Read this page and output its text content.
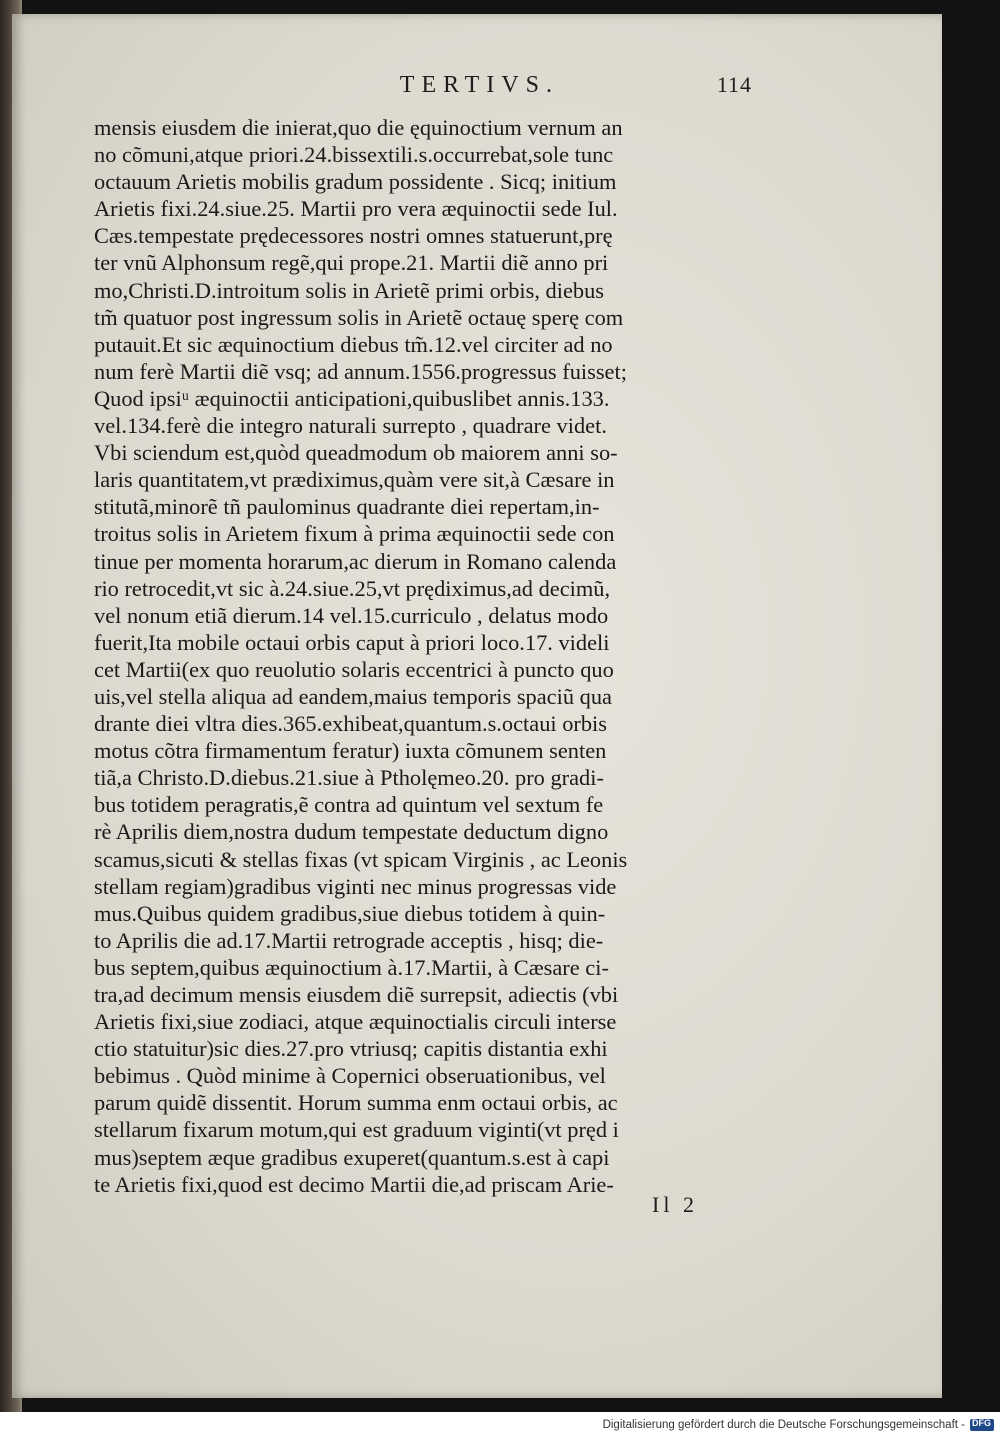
TERTIVS.	114
mensis eiusdem die inierat,quo die ęquinoctium vernum an
no cõmuni,atque priori.24.bissextili.s.occurrebat,sole tunc
octauum Arietis mobilis gradum possidente . Sicq; initium
Arietis fixi.24.siue.25. Martii pro vera æquinoctii sede Iul.
Cæs.tempestate prędecessores nostri omnes statuerunt,prę
ter vnũ Alphonsum regẽ,qui prope.21. Martii diẽ anno pri
mo,Christi.D.introitum solis in Arietẽ primi orbis, diebus
tm̃ quatuor post ingressum solis in Arietẽ octauę sperę com
putauit.Et sic æquinoctium diebus tm̃.12.vel circiter ad no
num ferè Martii diẽ vsq; ad annum.1556.progressus fuisset;
Quod ipsiᵘ æquinoctii anticipationi,quibuslibet annis.133.
vel.134.ferè die integro naturali surrepto , quadrare videt.
Vbi sciendum est,quòd queadmodum ob maiorem anni so-
laris quantitatem,vt prædiximus,quàm vere sit,à Cæsare in
stitutã,minorẽ tñ paulominus quadrante diei repertam,in-
troitus solis in Arietem fixum à prima æquinoctii sede con
tinue per momenta horarum,ac dierum in Romano calenda
rio retrocedit,vt sic à.24.siue.25,vt prędiximus,ad decimũ,
vel nonum etiã dierum.14 vel.15.curriculo , delatus modo
fuerit,Ita mobile octaui orbis caput à priori loco.17. videli
cet Martii(ex quo reuolutio solaris eccentrici à puncto quo
uis,vel stella aliqua ad eandem,maius temporis spaciũ qua
drante diei vltra dies.365.exhibeat,quantum.s.octaui orbis
motus cõtra firmamentum feratur) iuxta cõmunem senten
tiã,a Christo.D.diebus.21.siue à Ptholęmeo.20. pro gradi-
bus totidem peragratis,ẽ contra ad quintum vel sextum fe
rè Aprilis diem,nostra dudum tempestate deductum digno
scamus,sicuti & stellas fixas (vt spicam Virginis , ac Leonis
stellam regiam)gradibus viginti nec minus progressas vide
mus.Quibus quidem gradibus,siue diebus totidem à quin-
to Aprilis die ad.17.Martii retrograde acceptis , hisq; die-
bus septem,quibus æquinoctium à.17.Martii, à Cæsare ci-
tra,ad decimum mensis eiusdem diẽ surrepsit, adiectis (vbi
Arietis fixi,siue zodiaci, atque æquinoctialis circuli interse
ctio statuitur)sic dies.27.pro vtriusq; capitis distantia exhi
bebimus . Quòd minime à Copernici obseruationibus, vel
parum quidẽ dissentit. Horum summa enm octaui orbis, ac
stellarum fixarum motum,qui est graduum viginti(vt pręd i
mus)septem æque gradibus exuperet(quantum.s.est à capi
te Arietis fixi,quod est decimo Martii die,ad priscam Arie-
Il 2
Digitalisierung gefördert durch die Deutsche Forschungsgemeinschaft -
DFG
